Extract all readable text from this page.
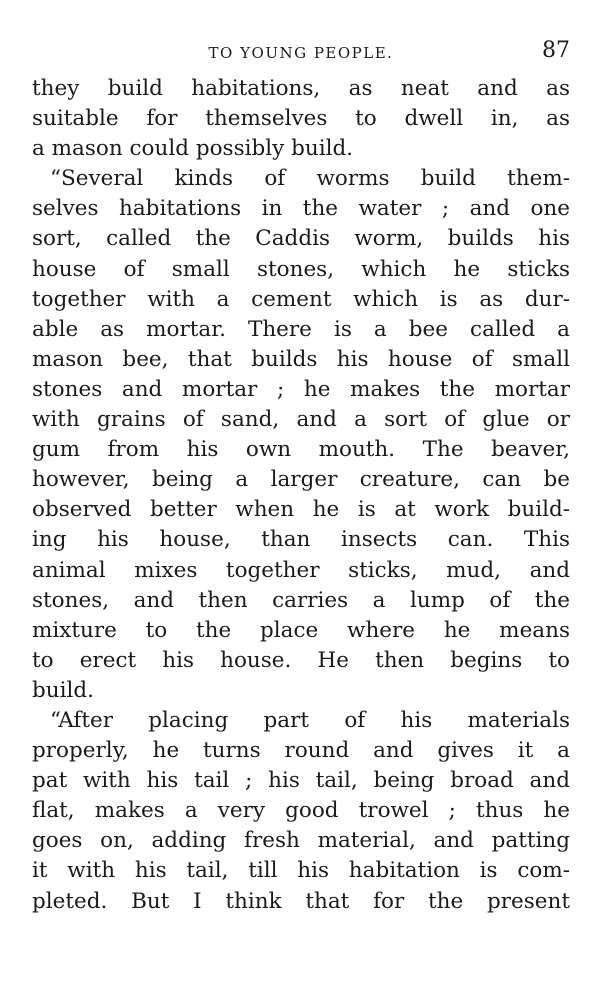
TO YOUNG PEOPLE.	87
they build habitations, as neat and as
suitable for themselves to dwell in, as
a mason could possibly build.
“Several kinds of worms build them-
selves habitations in the water ; and one
sort, called the Caddis worm, builds his
house of small stones, which he sticks
together with a cement which is as dur-
able as mortar. There is a bee called a
mason bee, that builds his house of small
stones and mortar ; he makes the mortar
with grains of sand, and a sort of glue or
gum from his own mouth. The beaver,
however, being a larger creature, can be
observed better when he is at work build-
ing his house, than insects can. This
animal mixes together sticks, mud, and
stones, and then carries a lump of the
mixture to the place where he means
to erect his house. He then begins to
build.
“After placing part of his materials
properly, he turns round and gives it a
pat with his tail ; his tail, being broad and
flat, makes a very good trowel ; thus he
goes on, adding fresh material, and patting
it with his tail, till his habitation is com-
pleted. But I think that for the present
